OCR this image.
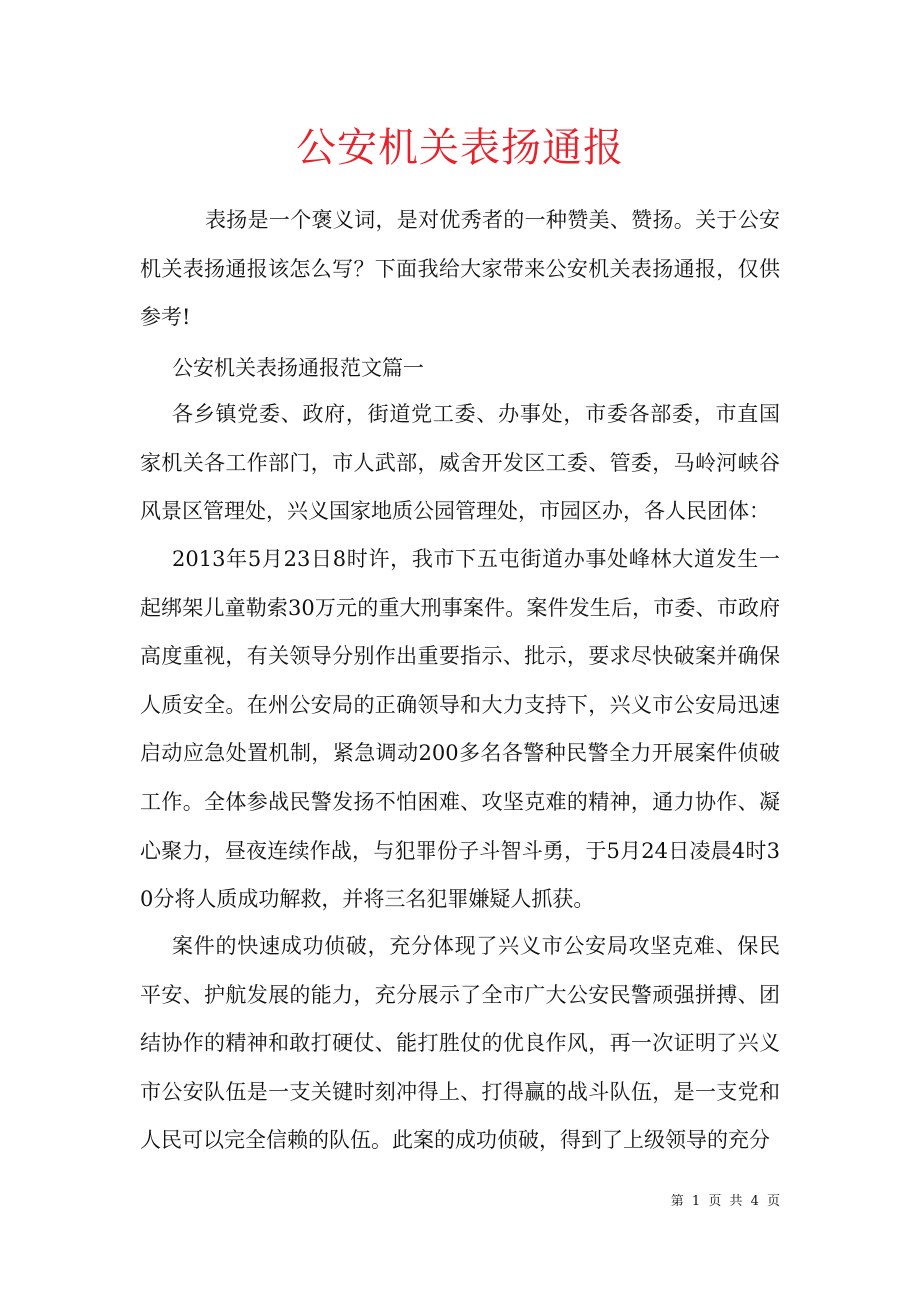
公安机关表扬通报

表扬是一个褒义词，是对优秀者的一种赞美、赞扬。关于公安机关表扬通报该怎么写？下面我给大家带来公安机关表扬通报，仅供参考!

公安机关表扬通报范文篇一

各乡镇党委、政府，街道党工委、办事处，市委各部委，市直国家机关各工作部门，市人武部，威舍开发区工委、管委，马岭河峡谷风景区管理处，兴义国家地质公园管理处，市园区办，各人民团体：

2013年5月23日8时许，我市下五屯街道办事处峰林大道发生一起绑架儿童勒索30万元的重大刑事案件。案件发生后，市委、市政府高度重视，有关领导分别作出重要指示、批示，要求尽快破案并确保人质安全。在州公安局的正确领导和大力支持下，兴义市公安局迅速启动应急处置机制，紧急调动200多名各警种民警全力开展案件侦破工作。全体参战民警发扬不怕困难、攻坚克难的精神，通力协作、凝心聚力，昼夜连续作战，与犯罪份子斗智斗勇，于5月24日凌晨4时30分将人质成功解救，并将三名犯罪嫌疑人抓获。

案件的快速成功侦破，充分体现了兴义市公安局攻坚克难、保民平安、护航发展的能力，充分展示了全市广大公安民警顽强拼搏、团结协作的精神和敢打硬仗、能打胜仗的优良作风，再一次证明了兴义市公安队伍是一支关键时刻冲得上、打得赢的战斗队伍，是一支党和人民可以完全信赖的队伍。此案的成功侦破，得到了上级领导的充分

第 1 页 共 4 页
